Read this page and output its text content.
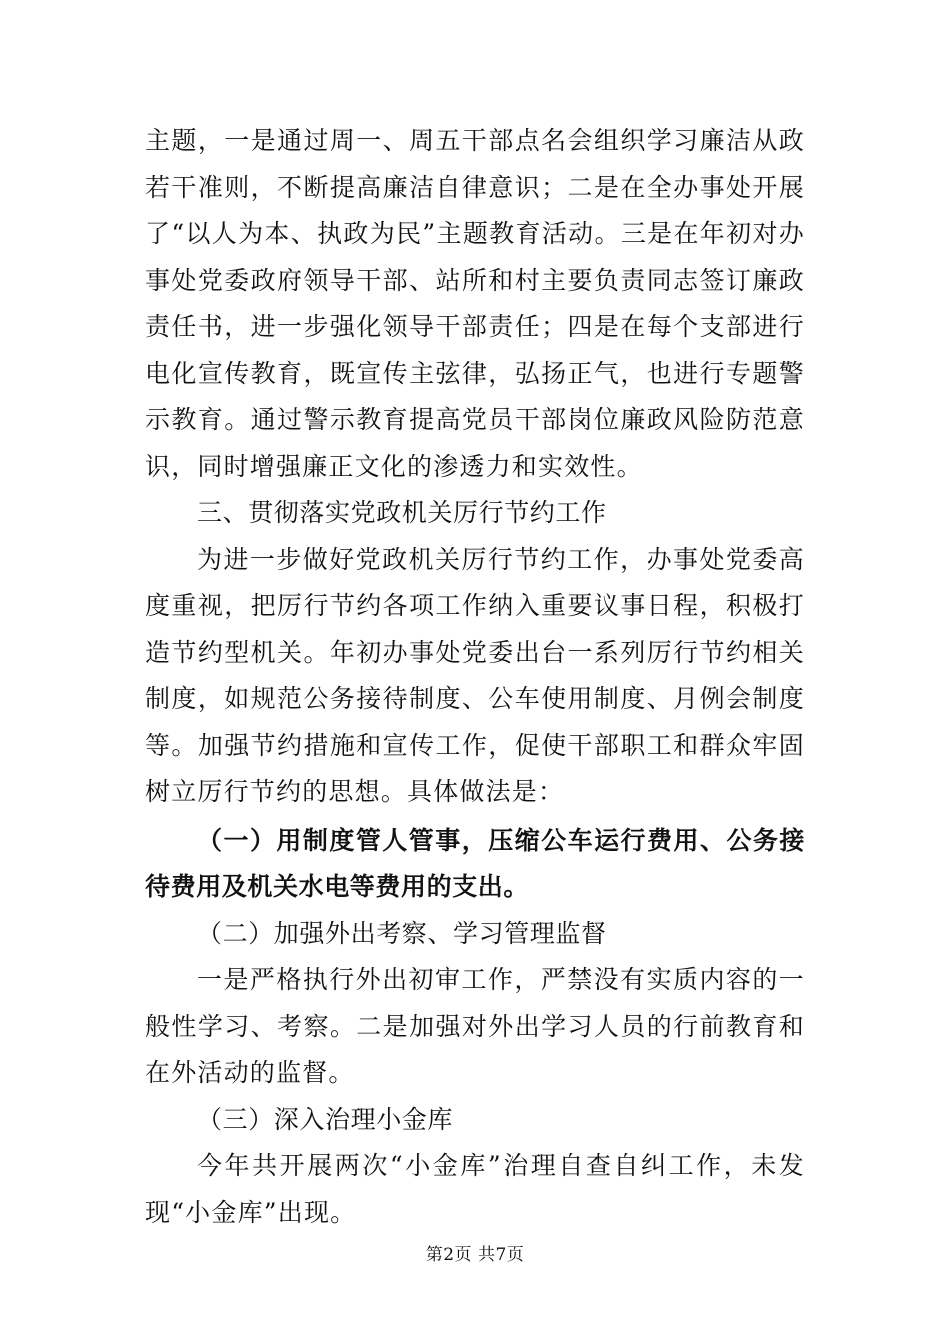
主题，一是通过周一、周五干部点名会组织学习廉洁从政若干准则，不断提高廉洁自律意识；二是在全办事处开展了“以人为本、执政为民”主题教育活动。三是在年初对办事处党委政府领导干部、站所和村主要负责同志签订廉政责任书，进一步强化领导干部责任；四是在每个支部进行电化宣传教育，既宣传主弦律，弘扬正气，也进行专题警示教育。通过警示教育提高党员干部岗位廉政风险防范意识，同时增强廉正文化的渗透力和实效性。

三、贯彻落实党政机关厉行节约工作

为进一步做好党政机关厉行节约工作，办事处党委高度重视，把厉行节约各项工作纳入重要议事日程，积极打造节约型机关。年初办事处党委出台一系列厉行节约相关制度，如规范公务接待制度、公车使用制度、月例会制度等。加强节约措施和宣传工作，促使干部职工和群众牢固树立厉行节约的思想。具体做法是：

（一）用制度管人管事，压缩公车运行费用、公务接待费用及机关水电等费用的支出。

（二）加强外出考察、学习管理监督

一是严格执行外出初审工作，严禁没有实质内容的一般性学习、考察。二是加强对外出学习人员的行前教育和在外活动的监督。

（三）深入治理小金库

今年共开展两次“小金库”治理自查自纠工作，未发现“小金库”出现。

第2页 共7页
